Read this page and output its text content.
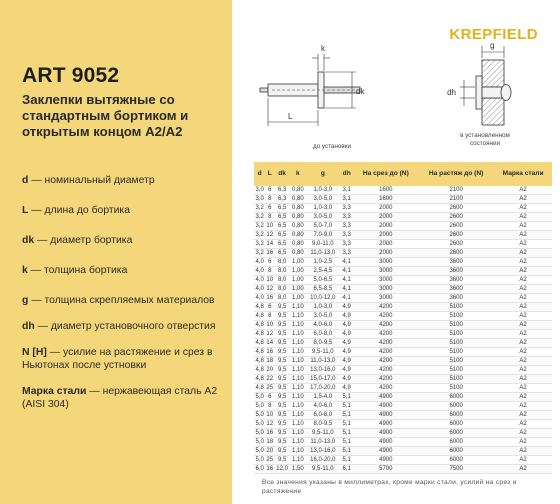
ART 9052
Заклепки вытяжные со стандартным бортиком и открытым концом A2/A2
d — номинальный диаметр
L — длина до бортика
dk — диаметр бортика
k — толщина бортика
g — толщина скрепляемых материалов
dh — диаметр установочного отверстия
N [H] — усилие на растяжение и срез в Ньютонах после устновки
Марка стали — нержавеющая сталь A2 (AISI 304)
KREPFIELD
k
L
dk
g
dh
до установки
в установленном состоянии
d	L	dk	k	g	dh	На срез до (N)	На растяж до (N)	Марка стали
3,0	6	6,3	0,80	1,0-3,0	3,1	1600	2100	A2
3,0	8	6,3	0,80	3,0-5,0	3,1	1600	2100	A2
3,2	6	6,5	0,80	1,0-3,0	3,3	2000	2600	A2
3,2	8	6,5	0,80	3,0-5,0	3,3	2000	2600	A2
3,2	10	6,5	0,80	5,0-7,0	3,3	2000	2600	A2
3,2	12	6,5	0,80	7,0-9,0	3,3	2000	2600	A2
3,2	14	6,5	0,80	9,0-11,0	3,3	2000	2600	A2
3,2	16	6,5	0,80	11,0-13,0	3,3	2000	2600	A2
4,0	6	8,0	1,00	1,0-2,5	4,1	3000	3600	A2
4,0	8	8,0	1,00	2,5-4,5	4,1	3000	3600	A2
4,0	10	8,0	1,00	5,0-6,5	4,1	3000	3600	A2
4,0	12	8,0	1,00	6,5-8,5	4,1	3000	3600	A2
4,0	16	8,0	1,00	10,0-12,0	4,1	3000	3600	A2
4,8	6	9,5	1,10	1,0-3,0	4,9	4200	5100	A2
4,8	8	9,5	1,10	3,0-5,0	4,9	4200	5100	A2
4,8	10	9,5	1,10	4,0-6,0	4,9	4200	5100	A2
4,8	12	9,5	1,10	6,0-8,0	4,9	4200	5100	A2
4,8	14	9,5	1,10	8,0-9,5	4,9	4200	5100	A2
4,8	16	9,5	1,10	9,5-11,0	4,9	4200	5100	A2
4,8	18	9,5	1,10	11,0-13,0	4,9	4200	5100	A2
4,8	20	9,5	1,10	13,0-16,0	4,9	4200	5100	A2
4,8	22	9,5	1,10	15,0-17,0	4,9	4200	5100	A2
4,8	25	9,5	1,10	17,0-20,0	4,9	4200	5100	A2
5,0	6	9,5	1,10	1,5-4,0	5,1	4900	6000	A2
5,0	8	9,5	1,10	4,0-6,0	5,1	4900	6000	A2
5,0	10	9,5	1,10	6,0-8,0	5,1	4900	6000	A2
5,0	12	9,5	1,10	8,0-9,5	5,1	4900	6000	A2
5,0	16	9,5	1,10	9,5-11,0	5,1	4900	6000	A2
5,0	18	9,5	1,10	11,0-13,0	5,1	4900	6000	A2
5,0	20	9,5	1,10	13,0-16,0	5,1	4900	6000	A2
5,0	25	9,5	1,10	16,0-20,0	5,1	4900	6000	A2
6,0	16	12,0	1,50	9,5-11,0	6,1	5700	7500	A2
Все значения указаны в миллиметрах, кроме марки стали, усилий на срез и растяжение
